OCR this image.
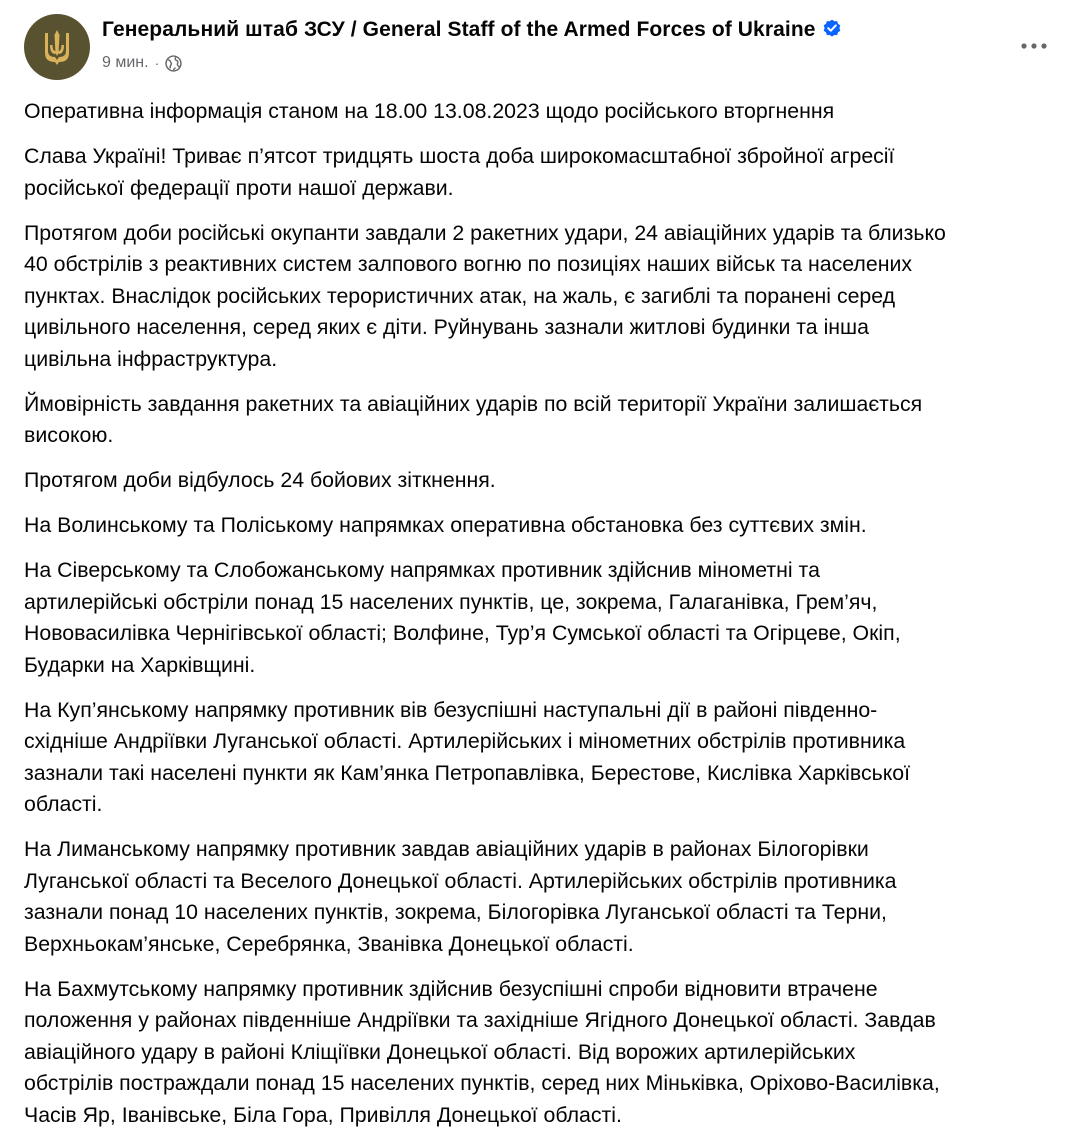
Генеральний штаб ЗСУ / General Staff of the Armed Forces of Ukraine
9 мин. ·

Оперативна інформація станом на 18.00 13.08.2023 щодо російського вторгнення

Слава Україні! Триває п’ятсот тридцять шоста доба широкомасштабної збройної агресії
російської федерації проти нашої держави.

Протягом доби російські окупанти завдали 2 ракетних удари, 24 авіаційних ударів та близько
40 обстрілів з реактивних систем залпового вогню по позиціях наших військ та населених
пунктах. Внаслідок російських терористичних атак, на жаль, є загиблі та поранені серед
цивільного населення, серед яких є діти. Руйнувань зазнали житлові будинки та інша
цивільна інфраструктура.

Ймовірність завдання ракетних та авіаційних ударів по всій території України залишається
високою.

Протягом доби відбулось 24 бойових зіткнення.

На Волинському та Поліському напрямках оперативна обстановка без суттєвих змін.

На Сіверському та Слобожанському напрямках противник здійснив мінометні та
артилерійські обстріли понад 15 населених пунктів, це, зокрема, Галаганівка, Грем’яч,
Нововасилівка Чернігівської області; Волфине, Тур’я Сумської області та Огірцеве, Окіп,
Бударки на Харківщині.

На Куп’янському напрямку противник вів безуспішні наступальні дії в районі південно-
східніше Андріївки Луганської області. Артилерійських і мінометних обстрілів противника
зазнали такі населені пункти як Кам’янка Петропавлівка, Берестове, Кислівка Харківської
області.

На Лиманському напрямку противник завдав авіаційних ударів в районах Білогорівки
Луганської області та Веселого Донецької області. Артилерійських обстрілів противника
зазнали понад 10 населених пунктів, зокрема, Білогорівка Луганської області та Терни,
Верхньокам’янське, Серебрянка, Званівка Донецької області.

На Бахмутському напрямку противник здійснив безуспішні спроби відновити втрачене
положення у районах південніше Андріївки та західніше Ягідного Донецької області. Завдав
авіаційного удару в районі Кліщіївки Донецької області. Від ворожих артилерійських
обстрілів постраждали понад 15 населених пунктів, серед них Міньківка, Оріхово-Василівка,
Часів Яр, Іванівське, Біла Гора, Привілля Донецької області.
